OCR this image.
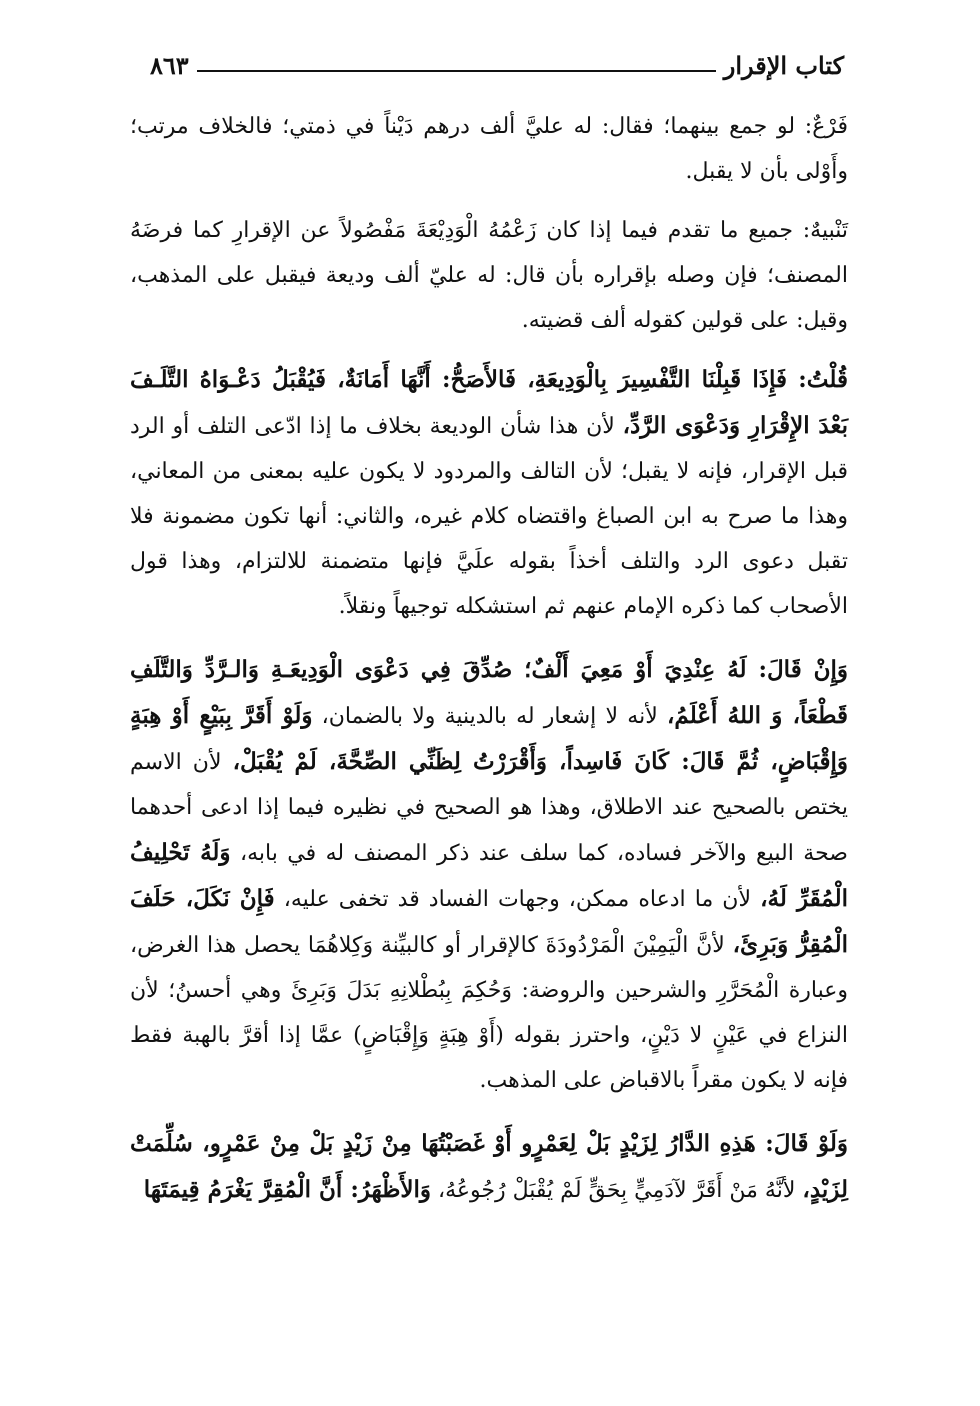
كتاب الإقرار
٨٦٣

فَرْعٌ: لو جمع بينهما؛ فقال: له عليَّ ألف درهم دَيْناً في ذمتي؛ فالخلاف مرتب؛ وأَوْلى بأن لا يقبل.

تَنْبيهٌ: جميع ما تقدم فيما إذا كان زَعْمُهُ الْوَدِيْعَةَ مَفْصُولاً عن الإقرارِ كما فرضَهُ المصنف؛ فإن وصله بإقراره بأن قال: له عليّ ألف وديعة فيقبل على المذهب، وقيل: على قولين كقوله ألف قضيته.

قُلْتُ: فَإِذَا قَبِلْنَا التَّفْسِيرَ بِالْوَدِيعَةِ، فَالأَصَحُّ: أَنَّهَا أَمَانَةٌ، فَيُقْبَلُ دَعْـوَاهُ التَّلَـفَ بَعْدَ الإِقْرَارِ وَدَعْوَى الرَّدِّ، لأن هذا شأن الوديعة بخلاف ما إذا ادّعى التلف أو الرد قبل الإقرار، فإنه لا يقبل؛ لأن التالف والمردود لا يكون عليه بمعنى من المعاني، وهذا ما صرح به ابن الصباغ واقتضاه كلام غيره، والثاني: أنها تكون مضمونة فلا تقبل دعوى الرد والتلف أخذاً بقوله علَيَّ فإنها متضمنة للالتزام، وهذا قول الأصحاب كما ذكره الإمام عنهم ثم استشكله توجيهاً ونقلاً.

وَإِنْ قَالَ: لَهُ عِنْدِيَ أَوْ مَعِيَ أَلْفٌ؛ صُدِّقَ فِي دَعْوَى الْوَدِيعَـةِ وَالـرَّدِّ وَالتَّلَفِ قَطْعَاً، وَ اللهُ أَعْلَمُ، لأنه لا إشعار له بالدينية ولا بالضمان، وَلَوْ أَقَرَّ بِبَيْعٍ أَوْ هِبَةٍ وَإِقْبَاضٍ، ثُمَّ قَالَ: كَانَ فَاسِداً، وَأَقْرَرْتُ لِظَنِّي الصِّحَّةَ، لَمْ يُقْبَلْ، لأن الاسم يختص بالصحيح عند الاطلاق، وهذا هو الصحيح في نظيره فيما إذا ادعى أحدهما صحة البيع والآخر فساده، كما سلف عند ذكر المصنف له في بابه، وَلَهُ تَحْلِيفُ الْمُقَرِّ لَهُ، لأن ما ادعاه ممكن، وجهات الفساد قد تخفى عليه، فَإِنْ نَكَلَ، حَلَفَ الْمُقِرُّ وَبَرِئَ، لأنَّ الْيَمِيْنَ الْمَرْدُودَةَ كالإقرار أو كالبيِّنة وَكِلاهُمَا يحصل هذا الغرض، وعبارة الْمُحَرَّرِ والشرحين والروضة: وَحُكِمَ بِبُطْلانِهِ بَدَلَ وَبَرِئَ وهي أحسنُ؛ لأن النزاع في عَيْنٍ لا دَيْنٍ، واحترز بقوله (أَوْ هِبَةٍ وَإِقْبَاضٍ) عمَّا إذا أقرَّ بالهبة فقط فإنه لا يكون مقراً بالاقباض على المذهب.

وَلَوْ قَالَ: هَذِهِ الدَّارُ لِزَيْدٍ بَلْ لِعَمْرٍو أَوْ غَصَبْتُهَا مِنْ زَيْدٍ بَلْ مِنْ عَمْرٍو، سُلِّمَتْ لِزَيْدٍ، لأنَّهُ مَنْ أَقَرَّ لآدَمِيٍّ بِحَقٍّ لَمْ يُقْبَلْ رُجُوعُهُ، وَالأَظْهَرُ: أَنَّ الْمُقِرَّ يَغْرَمُ قِيمَتَهَا
